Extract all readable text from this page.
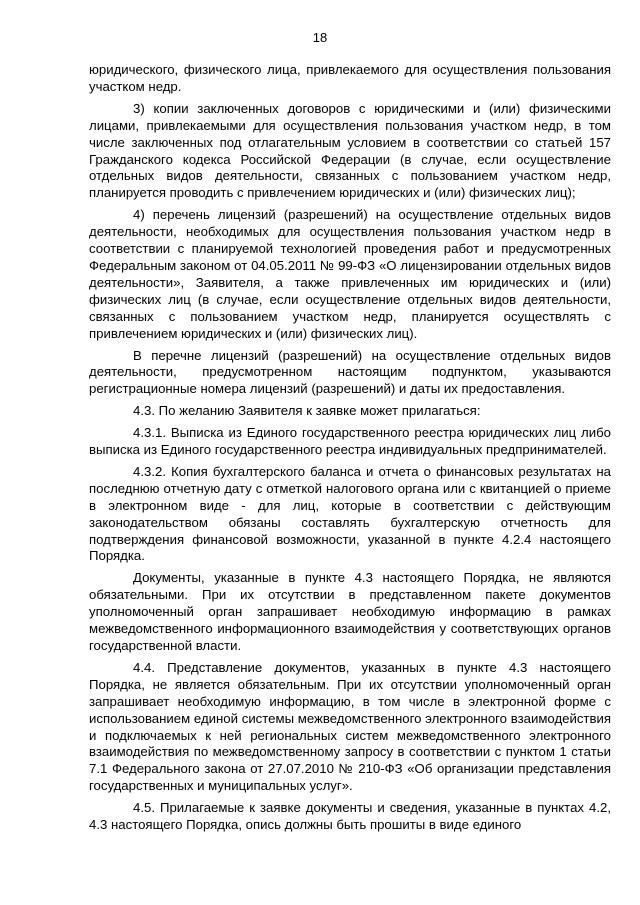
18

юридического, физического лица, привлекаемого для осуществления пользования участком недр.

3) копии заключенных договоров с юридическими и (или) физическими лицами, привлекаемыми для осуществления пользования участком недр, в том числе заключенных под отлагательным условием в соответствии со статьей 157 Гражданского кодекса Российской Федерации (в случае, если осуществление отдельных видов деятельности, связанных с пользованием участком недр, планируется проводить с привлечением юридических и (или) физических лиц);

4) перечень лицензий (разрешений) на осуществление отдельных видов деятельности, необходимых для осуществления пользования участком недр в соответствии с планируемой технологией проведения работ и предусмотренных Федеральным законом от 04.05.2011 № 99-ФЗ «О лицензировании отдельных видов деятельности», Заявителя, а также привлеченных им юридических и (или) физических лиц (в случае, если осуществление отдельных видов деятельности, связанных с пользованием участком недр, планируется осуществлять с привлечением юридических и (или) физических лиц).

В перечне лицензий (разрешений) на осуществление отдельных видов деятельности, предусмотренном настоящим подпунктом, указываются регистрационные номера лицензий (разрешений) и даты их предоставления.

4.3. По желанию Заявителя к заявке может прилагаться:

4.3.1. Выписка из Единого государственного реестра юридических лиц либо выписка из Единого государственного реестра индивидуальных предпринимателей.

4.3.2. Копия бухгалтерского баланса и отчета о финансовых результатах на последнюю отчетную дату с отметкой налогового органа или с квитанцией о приеме в электронном виде - для лиц, которые в соответствии с действующим законодательством обязаны составлять бухгалтерскую отчетность для подтверждения финансовой возможности, указанной в пункте 4.2.4 настоящего Порядка.

Документы, указанные в пункте 4.3 настоящего Порядка, не являются обязательными. При их отсутствии в представленном пакете документов уполномоченный орган запрашивает необходимую информацию в рамках межведомственного информационного взаимодействия у соответствующих органов государственной власти.

4.4. Представление документов, указанных в пункте 4.3 настоящего Порядка, не является обязательным. При их отсутствии уполномоченный орган запрашивает необходимую информацию, в том числе в электронной форме с использованием единой системы межведомственного электронного взаимодействия и подключаемых к ней региональных систем межведомственного электронного взаимодействия по межведомственному запросу в соответствии с пунктом 1 статьи 7.1 Федерального закона от 27.07.2010 № 210-ФЗ «Об организации представления государственных и муниципальных услуг».

4.5. Прилагаемые к заявке документы и сведения, указанные в пунктах 4.2, 4.3 настоящего Порядка, опись должны быть прошиты в виде единого
